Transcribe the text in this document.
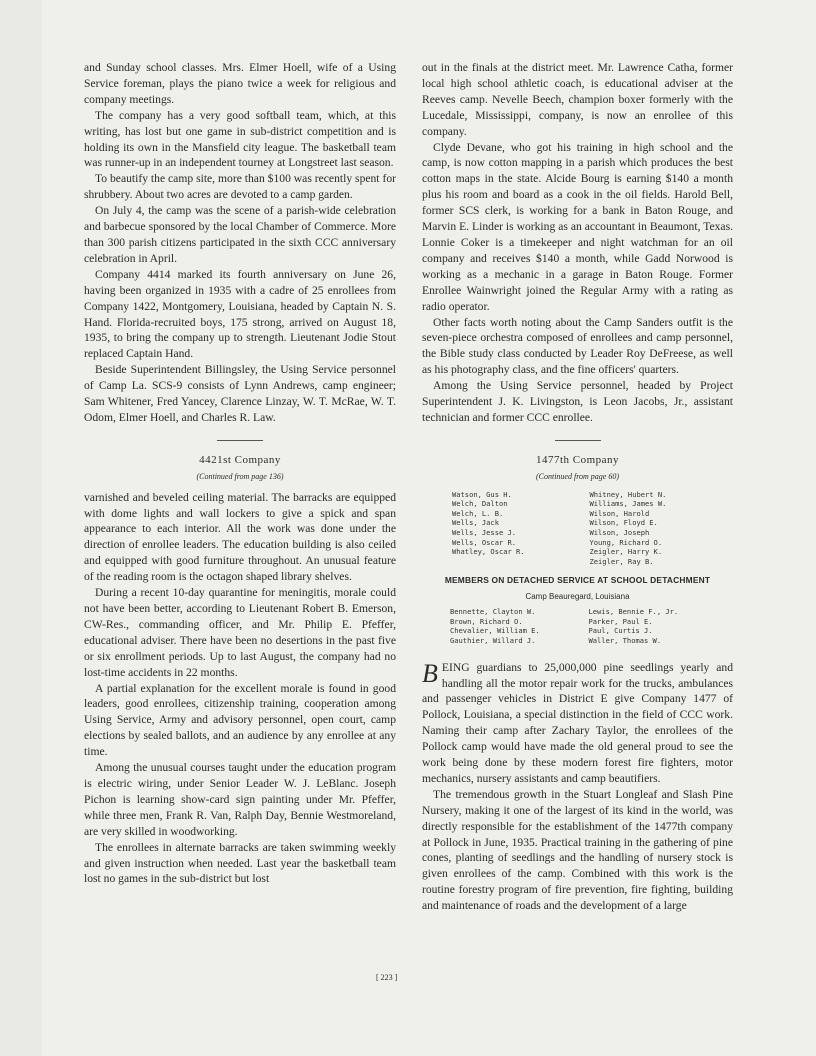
and Sunday school classes. Mrs. Elmer Hoell, wife of a Using Service foreman, plays the piano twice a week for religious and company meetings.

The company has a very good softball team, which, at this writing, has lost but one game in sub-district competition and is holding its own in the Mansfield city league. The basketball team was runner-up in an independent tourney at Longstreet last season.

To beautify the camp site, more than $100 was recently spent for shrubbery. About two acres are devoted to a camp garden.

On July 4, the camp was the scene of a parish-wide celebration and barbecue sponsored by the local Chamber of Commerce. More than 300 parish citizens participated in the sixth CCC anniversary celebration in April.

Company 4414 marked its fourth anniversary on June 26, having been organized in 1935 with a cadre of 25 enrollees from Company 1422, Montgomery, Louisiana, headed by Captain N. S. Hand. Florida-recruited boys, 175 strong, arrived on August 18, 1935, to bring the company up to strength. Lieutenant Jodie Stout replaced Captain Hand.

Beside Superintendent Billingsley, the Using Service personnel of Camp La. SCS-9 consists of Lynn Andrews, camp engineer; Sam Whitener, Fred Yancey, Clarence Linzay, W. T. McRae, W. T. Odom, Elmer Hoell, and Charles R. Law.

4421st Company
(Continued from page 136)

varnished and beveled ceiling material. The barracks are equipped with dome lights and wall lockers to give a spick and span appearance to each interior. All the work was done under the direction of enrollee leaders. The education building is also ceiled and equipped with good furniture throughout. An unusual feature of the reading room is the octagon shaped library shelves.

During a recent 10-day quarantine for meningitis, morale could not have been better, according to Lieutenant Robert B. Emerson, CW-Res., commanding officer, and Mr. Philip E. Pfeffer, educational adviser. There have been no desertions in the past five or six enrollment periods. Up to last August, the company had no lost-time accidents in 22 months.

A partial explanation for the excellent morale is found in good leaders, good enrollees, citizenship training, cooperation among Using Service, Army and advisory personnel, open court, camp elections by sealed ballots, and an audience by any enrollee at any time.

Among the unusual courses taught under the education program is electric wiring, under Senior Leader W. J. LeBlanc. Joseph Pichon is learning show-card sign painting under Mr. Pfeffer, while three men, Frank R. Van, Ralph Day, Bennie Westmoreland, are very skilled in woodworking.

The enrollees in alternate barracks are taken swimming weekly and given instruction when needed. Last year the basketball team lost no games in the sub-district but lost

out in the finals at the district meet. Mr. Lawrence Catha, former local high school athletic coach, is educational adviser at the Reeves camp. Nevelle Beech, champion boxer formerly with the Lucedale, Mississippi, company, is now an enrollee of this company.

Clyde Devane, who got his training in high school and the camp, is now cotton mapping in a parish which produces the best cotton maps in the state. Alcide Bourg is earning $140 a month plus his room and board as a cook in the oil fields. Harold Bell, former SCS clerk, is working for a bank in Baton Rouge, and Marvin E. Linder is working as an accountant in Beaumont, Texas. Lonnie Coker is a timekeeper and night watchman for an oil company and receives $140 a month, while Gadd Norwood is working as a mechanic in a garage in Baton Rouge. Former Enrollee Wainwright joined the Regular Army with a rating as radio operator.

Other facts worth noting about the Camp Sanders outfit is the seven-piece orchestra composed of enrollees and camp personnel, the Bible study class conducted by Leader Roy DeFreese, as well as his photography class, and the fine officers' quarters.

Among the Using Service personnel, headed by Project Superintendent J. K. Livingston, is Leon Jacobs, Jr., assistant technician and former CCC enrollee.

1477th Company
(Continued from page 60)
Watson, Gus H.
Welch, Dalton
Welch, L. B.
Wells, Jack
Wells, Jesse J.
Wells, Oscar R.
Whatley, Oscar R.
Whitney, Hubert N.
Williams, James W.
Wilson, Harold
Wilson, Floyd E.
Wilson, Joseph
Young, Richard O.
Zeigler, Harry K.
Zeigler, Ray B.
MEMBERS ON DETACHED SERVICE AT SCHOOL DETACHMENT
Camp Beauregard, Louisiana
Bennette, Clayton W.
Brown, Richard O.
Chevalier, William E.
Gauthier, Willard J.
Lewis, Bennie F., Jr.
Parker, Paul E.
Paul, Curtis J.
Waller, Thomas W.

BEING guardians to 25,000,000 pine seedlings yearly and handling all the motor repair work for the trucks, ambulances and passenger vehicles in District E give Company 1477 of Pollock, Louisiana, a special distinction in the field of CCC work. Naming their camp after Zachary Taylor, the enrollees of the Pollock camp would have made the old general proud to see the work being done by these modern forest fire fighters, motor mechanics, nursery assistants and camp beautifiers.

The tremendous growth in the Stuart Longleaf and Slash Pine Nursery, making it one of the largest of its kind in the world, was directly responsible for the establishment of the 1477th company at Pollock in June, 1935. Practical training in the gathering of pine cones, planting of seedlings and the handling of nursery stock is given enrollees of the camp. Combined with this work is the routine forestry program of fire prevention, fire fighting, building and maintenance of roads and the development of a large

[ 223 ]
